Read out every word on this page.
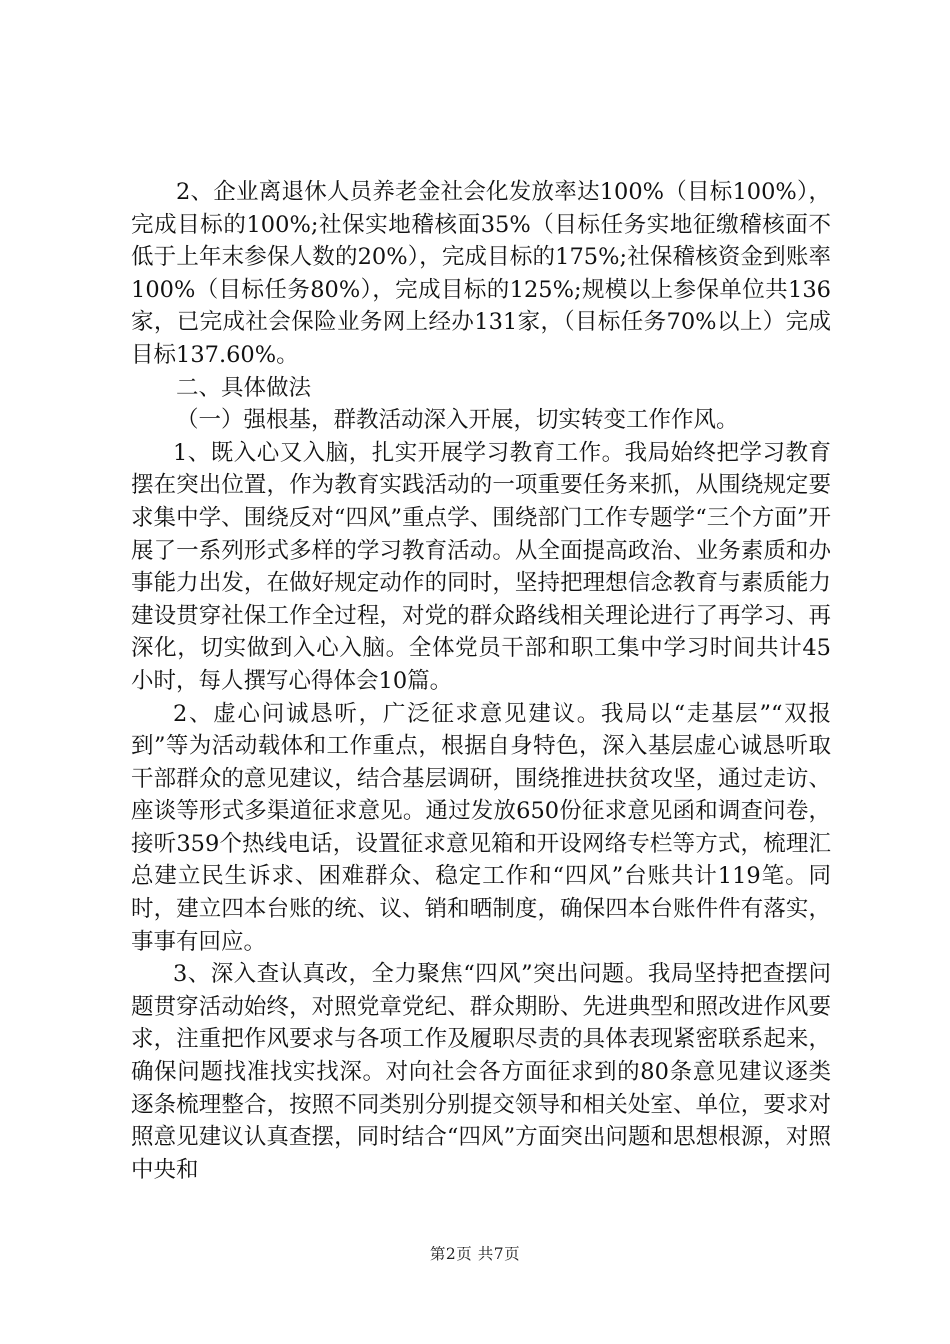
2、企业离退休人员养老金社会化发放率达100%（目标100%），完成目标的100%;社保实地稽核面35%（目标任务实地征缴稽核面不低于上年末参保人数的20%），完成目标的175%;社保稽核资金到账率100%（目标任务80%），完成目标的125%;规模以上参保单位共136家，已完成社会保险业务网上经办131家，（目标任务70%以上）完成目标137.60%。

二、具体做法

（一）强根基，群教活动深入开展，切实转变工作作风。

1、既入心又入脑，扎实开展学习教育工作。我局始终把学习教育摆在突出位置，作为教育实践活动的一项重要任务来抓，从围绕规定要求集中学、围绕反对“四风”重点学、围绕部门工作专题学“三个方面”开展了一系列形式多样的学习教育活动。从全面提高政治、业务素质和办事能力出发，在做好规定动作的同时，坚持把理想信念教育与素质能力建设贯穿社保工作全过程，对党的群众路线相关理论进行了再学习、再深化，切实做到入心入脑。全体党员干部和职工集中学习时间共计45小时，每人撰写心得体会10篇。

2、虚心问诚恳听，广泛征求意见建议。我局以“走基层”“双报到”等为活动载体和工作重点，根据自身特色，深入基层虚心诚恳听取干部群众的意见建议，结合基层调研，围绕推进扶贫攻坚，通过走访、座谈等形式多渠道征求意见。通过发放650份征求意见函和调查问卷，接听359个热线电话，设置征求意见箱和开设网络专栏等方式，梳理汇总建立民生诉求、困难群众、稳定工作和“四风”台账共计119笔。同时，建立四本台账的统、议、销和晒制度，确保四本台账件件有落实，事事有回应。

3、深入查认真改，全力聚焦“四风”突出问题。我局坚持把查摆问题贯穿活动始终，对照党章党纪、群众期盼、先进典型和照改进作风要求，注重把作风要求与各项工作及履职尽责的具体表现紧密联系起来，确保问题找准找实找深。对向社会各方面征求到的80条意见建议逐类逐条梳理整合，按照不同类别分别提交领导和相关处室、单位，要求对照意见建议认真查摆，同时结合“四风”方面突出问题和思想根源，对照中央和

第2页 共7页
